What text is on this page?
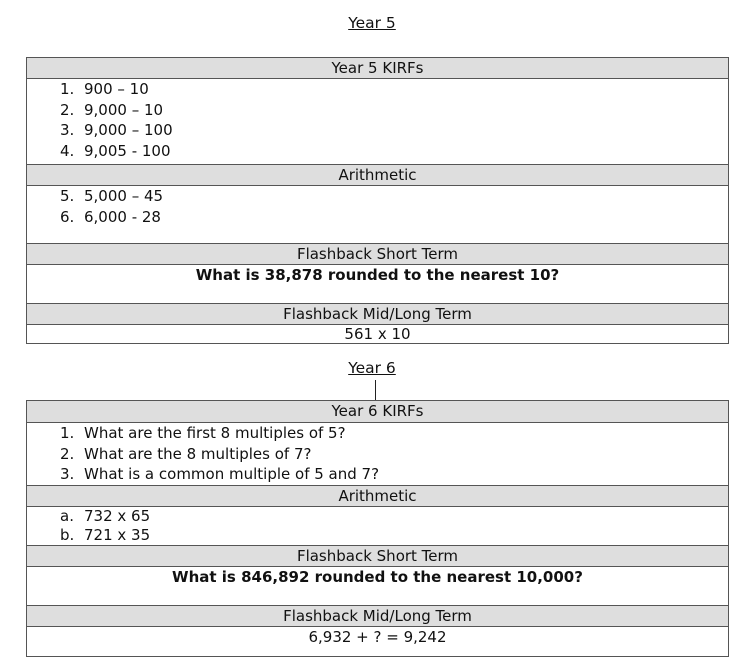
Year 5
Year 5 KIRFs

1. 900 – 10
2. 9,000 – 10
3. 9,000 – 100
4. 9,005 - 100

Arithmetic

5. 5,000 – 45
6. 6,000 - 28

Flashback Short Term
What is 38,878 rounded to the nearest 10?
Flashback Mid/Long Term
561 x 10
Year 6
Year 6 KIRFs

1. What are the first 8 multiples of 5?
2. What are the 8 multiples of 7?
3. What is a common multiple of 5 and 7?

Arithmetic

a. 732 x 65
b. 721 x 35

Flashback Short Term
What is 846,892 rounded to the nearest 10,000?
Flashback Mid/Long Term
6,932 + ? = 9,242
